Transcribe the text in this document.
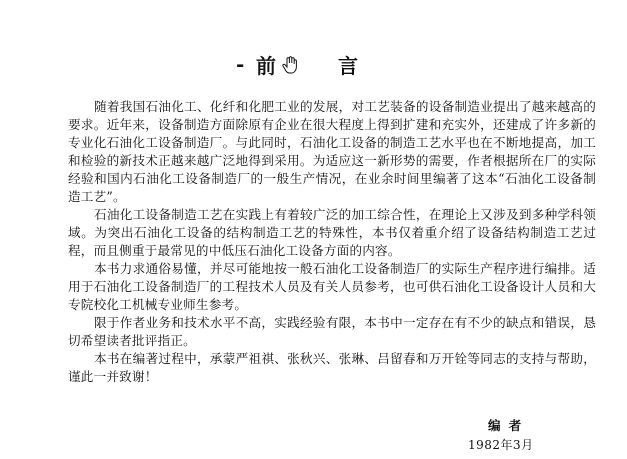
- 前	言

随着我国石油化工、化纤和化肥工业的发展，对工艺装备的设备制造业提出了越来越高的要求。近年来，设备制造方面除原有企业在很大程度上得到扩建和充实外，还建成了许多新的专业化石油化工设备制造厂。与此同时，石油化工设备的制造工艺水平也在不断地提高，加工和检验的新技术正越来越广泛地得到采用。为适应这一新形势的需要，作者根据所在厂的实际经验和国内石油化工设备制造厂的一般生产情况，在业余时间里编著了这本“石油化工设备制造工艺”。

石油化工设备制造工艺在实践上有着较广泛的加工综合性，在理论上又涉及到多种学科领域。为突出石油化工设备的结构制造工艺的特殊性，本书仅着重介绍了设备结构制造工艺过程，而且侧重于最常见的中低压石油化工设备方面的内容。

本书力求通俗易懂，并尽可能地按一般石油化工设备制造厂的实际生产程序进行编排。适用于石油化工设备制造厂的工程技术人员及有关人员参考，也可供石油化工设备设计人员和大专院校化工机械专业师生参考。

限于作者业务和技术水平不高，实践经验有限，本书中一定存在有不少的缺点和错误，恳切希望读者批评指正。

本书在编著过程中，承蒙严祖祺、张秋兴、张琳、吕留春和万开铨等同志的支持与帮助，谨此一并致谢！

编者
1982年3月
